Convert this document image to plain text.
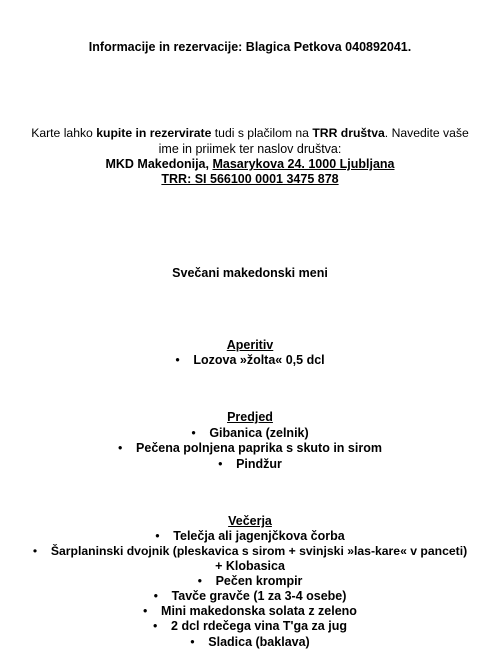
Informacije in rezervacije: Blagica Petkova 040892041.
Karte lahko kupite in rezervirate tudi s plačilom na TRR društva. Navedite vaše
ime in priimek ter naslov društva:
MKD Makedonija, Masarykova 24. 1000 Ljubljana
TRR: SI 566100 0001 3475 878
Svečani makedonski meni
Aperitiv
• Lozova »žolta« 0,5 dcl
Predjed
• Gibanica (zelnik)
• Pečena polnjena paprika s skuto in sirom
• Pindžur
Večerja
• Telečja ali jagenjčkova čorba
• Šarplaninski dvojnik (pleskavica s sirom + svinjski »las-kare« v panceti)
+ Klobasica
• Pečen krompir
• Tavče gravče (1 za 3-4 osebe)
• Mini makedonska solata z zeleno
• 2 dcl rdečega vina T'ga za jug
• Sladica (baklava)
